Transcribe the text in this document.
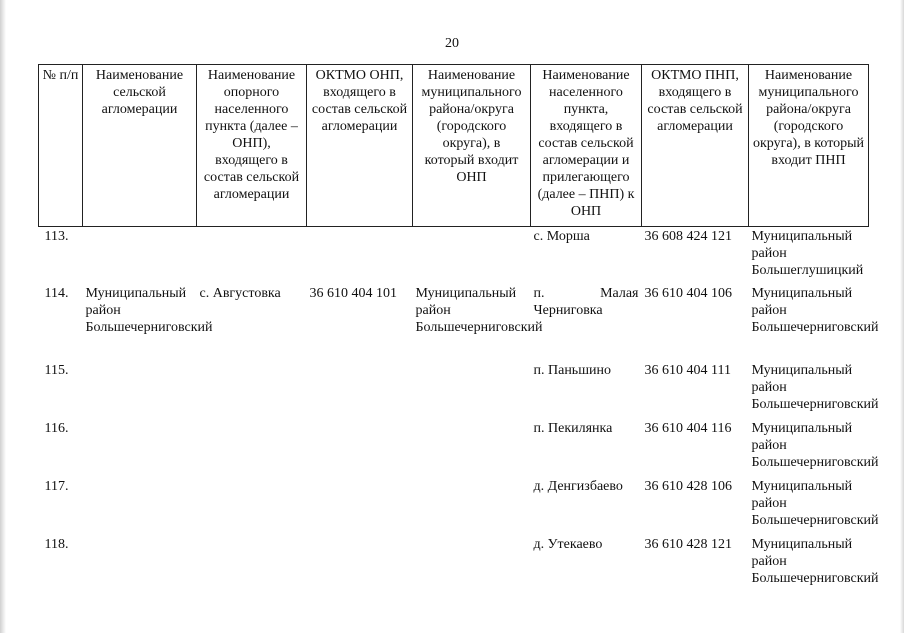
20
№ п/п	Наименование сельской агломерации	Наименование опорного населенного пункта (далее – ОНП), входящего в состав сельской агломерации	ОКТМО ОНП, входящего в состав сельской агломерации	Наименование муниципального района/округа (городского округа), в который входит ОНП	Наименование населенного пункта, входящего в состав сельской агломерации и прилегающего (далее – ПНП) к ОНП	ОКТМО ПНП, входящего в состав сельской агломерации	Наименование муниципального района/округа (городского округа), в который входит ПНП
113.					с. Морша	36 608 424 121	Муниципальный район Большеглушицкий
114.	Муниципальный район Большечерниговский	с. Августовка	36 610 404 101	Муниципальный район Большечерниговский	п. Малая Черниговка	36 610 404 106	Муниципальный район Большечерниговский
115.					п. Паньшино	36 610 404 111	Муниципальный район Большечерниговский
116.					п. Пекилянка	36 610 404 116	Муниципальный район Большечерниговский
117.					д. Денгизбаево	36 610 428 106	Муниципальный район Большечерниговский
118.					д. Утекаево	36 610 428 121	Муниципальный район Большечерниговский
